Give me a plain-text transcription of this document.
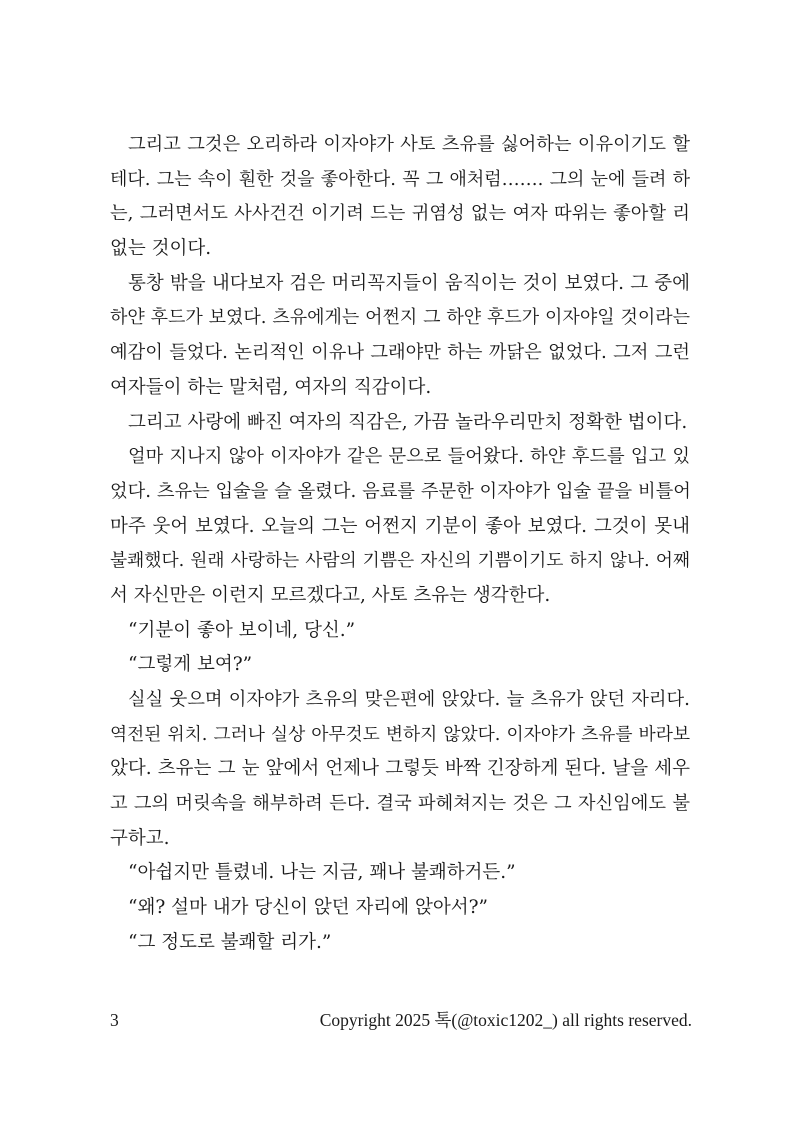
그리고 그것은 오리하라 이자야가 사토 츠유를 싫어하는 이유이기도 할
테다. 그는 속이 훤한 것을 좋아한다. 꼭 그 애처럼……. 그의 눈에 들려 하
는, 그러면서도 사사건건 이기려 드는 귀염성 없는 여자 따위는 좋아할 리
없는 것이다.
통창 밖을 내다보자 검은 머리꼭지들이 움직이는 것이 보였다. 그 중에
하얀 후드가 보였다. 츠유에게는 어쩐지 그 하얀 후드가 이자야일 것이라는
예감이 들었다. 논리적인 이유나 그래야만 하는 까닭은 없었다. 그저 그런
여자들이 하는 말처럼, 여자의 직감이다.
그리고 사랑에 빠진 여자의 직감은, 가끔 놀라우리만치 정확한 법이다.
얼마 지나지 않아 이자야가 같은 문으로 들어왔다. 하얀 후드를 입고 있
었다. 츠유는 입술을 슬 올렸다. 음료를 주문한 이자야가 입술 끝을 비틀어
마주 웃어 보였다. 오늘의 그는 어쩐지 기분이 좋아 보였다. 그것이 못내
불쾌했다. 원래 사랑하는 사람의 기쁨은 자신의 기쁨이기도 하지 않나. 어째
서 자신만은 이런지 모르겠다고, 사토 츠유는 생각한다.
“기분이 좋아 보이네, 당신.”
“그렇게 보여?”
실실 웃으며 이자야가 츠유의 맞은편에 앉았다. 늘 츠유가 앉던 자리다.
역전된 위치. 그러나 실상 아무것도 변하지 않았다. 이자야가 츠유를 바라보
았다. 츠유는 그 눈 앞에서 언제나 그렇듯 바짝 긴장하게 된다. 날을 세우
고 그의 머릿속을 해부하려 든다. 결국 파헤쳐지는 것은 그 자신임에도 불
구하고.
“아쉽지만 틀렸네. 나는 지금, 꽤나 불쾌하거든.”
“왜? 설마 내가 당신이 앉던 자리에 앉아서?”
“그 정도로 불쾌할 리가.”
3	Copyright 2025 톡(@toxic1202_) all rights reserved.
